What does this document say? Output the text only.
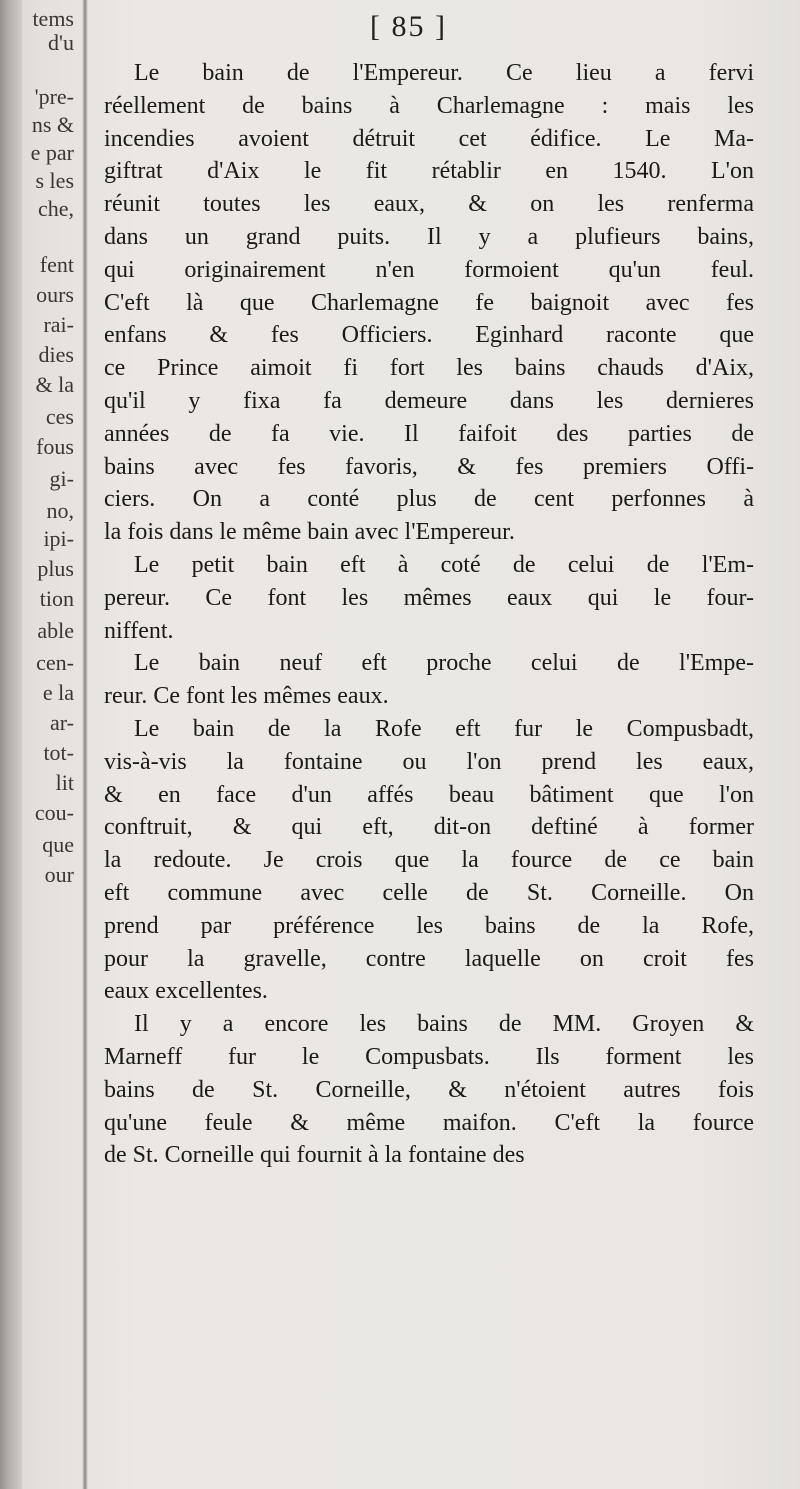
tems
d'u
'pre-
ns &
e par
s les
che,
fent
ours
rai-
dies
& la
ces
fous
gi-
no,
ipi-
plus
tion
able
cen-
e la
ar-
tot-
lit
cou-
que
our
[ 85 ]
Le bain de l'Empereur. Ce lieu a fervi
réellement de bains à Charlemagne : mais les
incendies avoient détruit cet édifice. Le Ma-
giftrat d'Aix le fit rétablir en 1540. L'on
réunit toutes les eaux, & on les renferma
dans un grand puits. Il y a plufieurs bains,
qui originairement n'en formoient qu'un feul.
C'eft là que Charlemagne fe baignoit avec fes
enfans & fes Officiers. Eginhard raconte que
ce Prince aimoit fi fort les bains chauds d'Aix,
qu'il y fixa fa demeure dans les dernieres
années de fa vie. Il faifoit des parties de
bains avec fes favoris, & fes premiers Offi-
ciers. On a conté plus de cent perfonnes à
la fois dans le même bain avec l'Empereur.
Le petit bain eft à coté de celui de l'Em-
pereur. Ce font les mêmes eaux qui le four-
niffent.
Le bain neuf eft proche celui de l'Empe-
reur. Ce font les mêmes eaux.
Le bain de la Rofe eft fur le Compusbadt,
vis-à-vis la fontaine ou l'on prend les eaux,
& en face d'un affés beau bâtiment que l'on
conftruit, & qui eft, dit-on deftiné à former
la redoute. Je crois que la fource de ce bain
eft commune avec celle de St. Corneille. On
prend par préférence les bains de la Rofe,
pour la gravelle, contre laquelle on croit fes
eaux excellentes.
Il y a encore les bains de MM. Groyen &
Marneff fur le Compusbats. Ils forment les
bains de St. Corneille, & n'étoient autres fois
qu'une feule & même maifon. C'eft la fource
de St. Corneille qui fournit à la fontaine des
